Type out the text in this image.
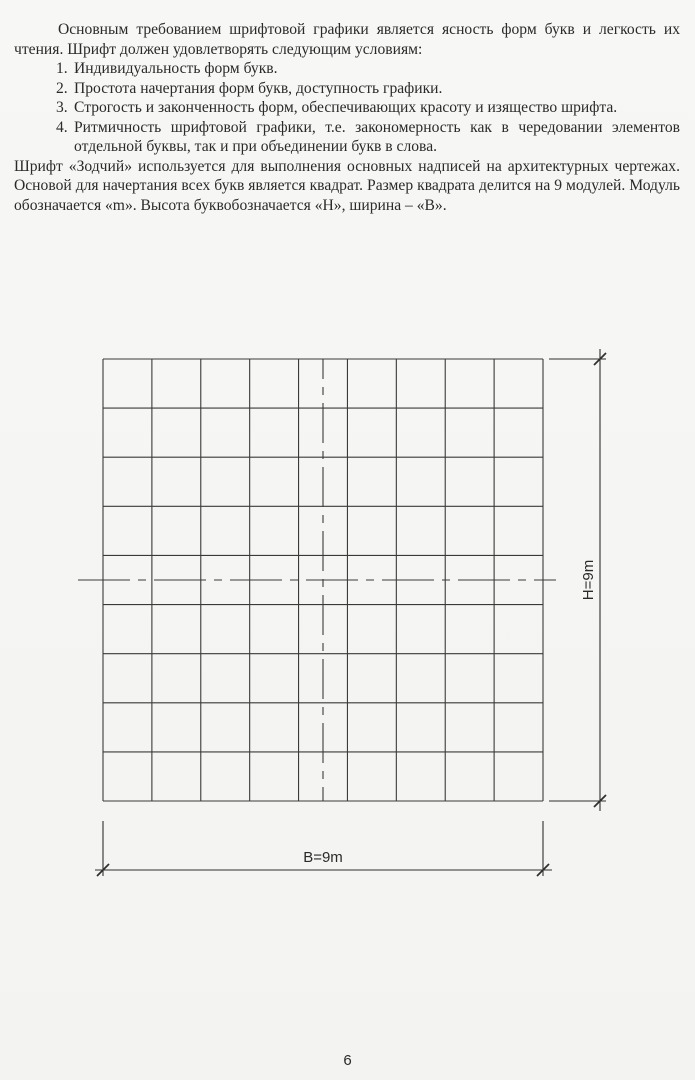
Основным требованием шрифтовой графики является ясность форм букв и легкость их чтения. Шрифт должен удовлетворять следующим условиям:

1. Индивидуальность форм букв.
2. Простота начертания форм букв, доступность графики.
3. Строгость и законченность форм, обеспечивающих красоту и изящество шрифта.
4. Ритмичность шрифтовой графики, т.е. закономерность как в чередовании элементов отдельной буквы, так и при объединении букв в слова.

Шрифт «Зодчий» используется для выполнения основных надписей на архитектурных чертежах. Основой для начертания всех букв является квадрат. Размер квадрата делится на 9 модулей. Модуль обозначается «m». Высота буквобозначается «H», ширина – «B».

H=9m
B=9m
6
